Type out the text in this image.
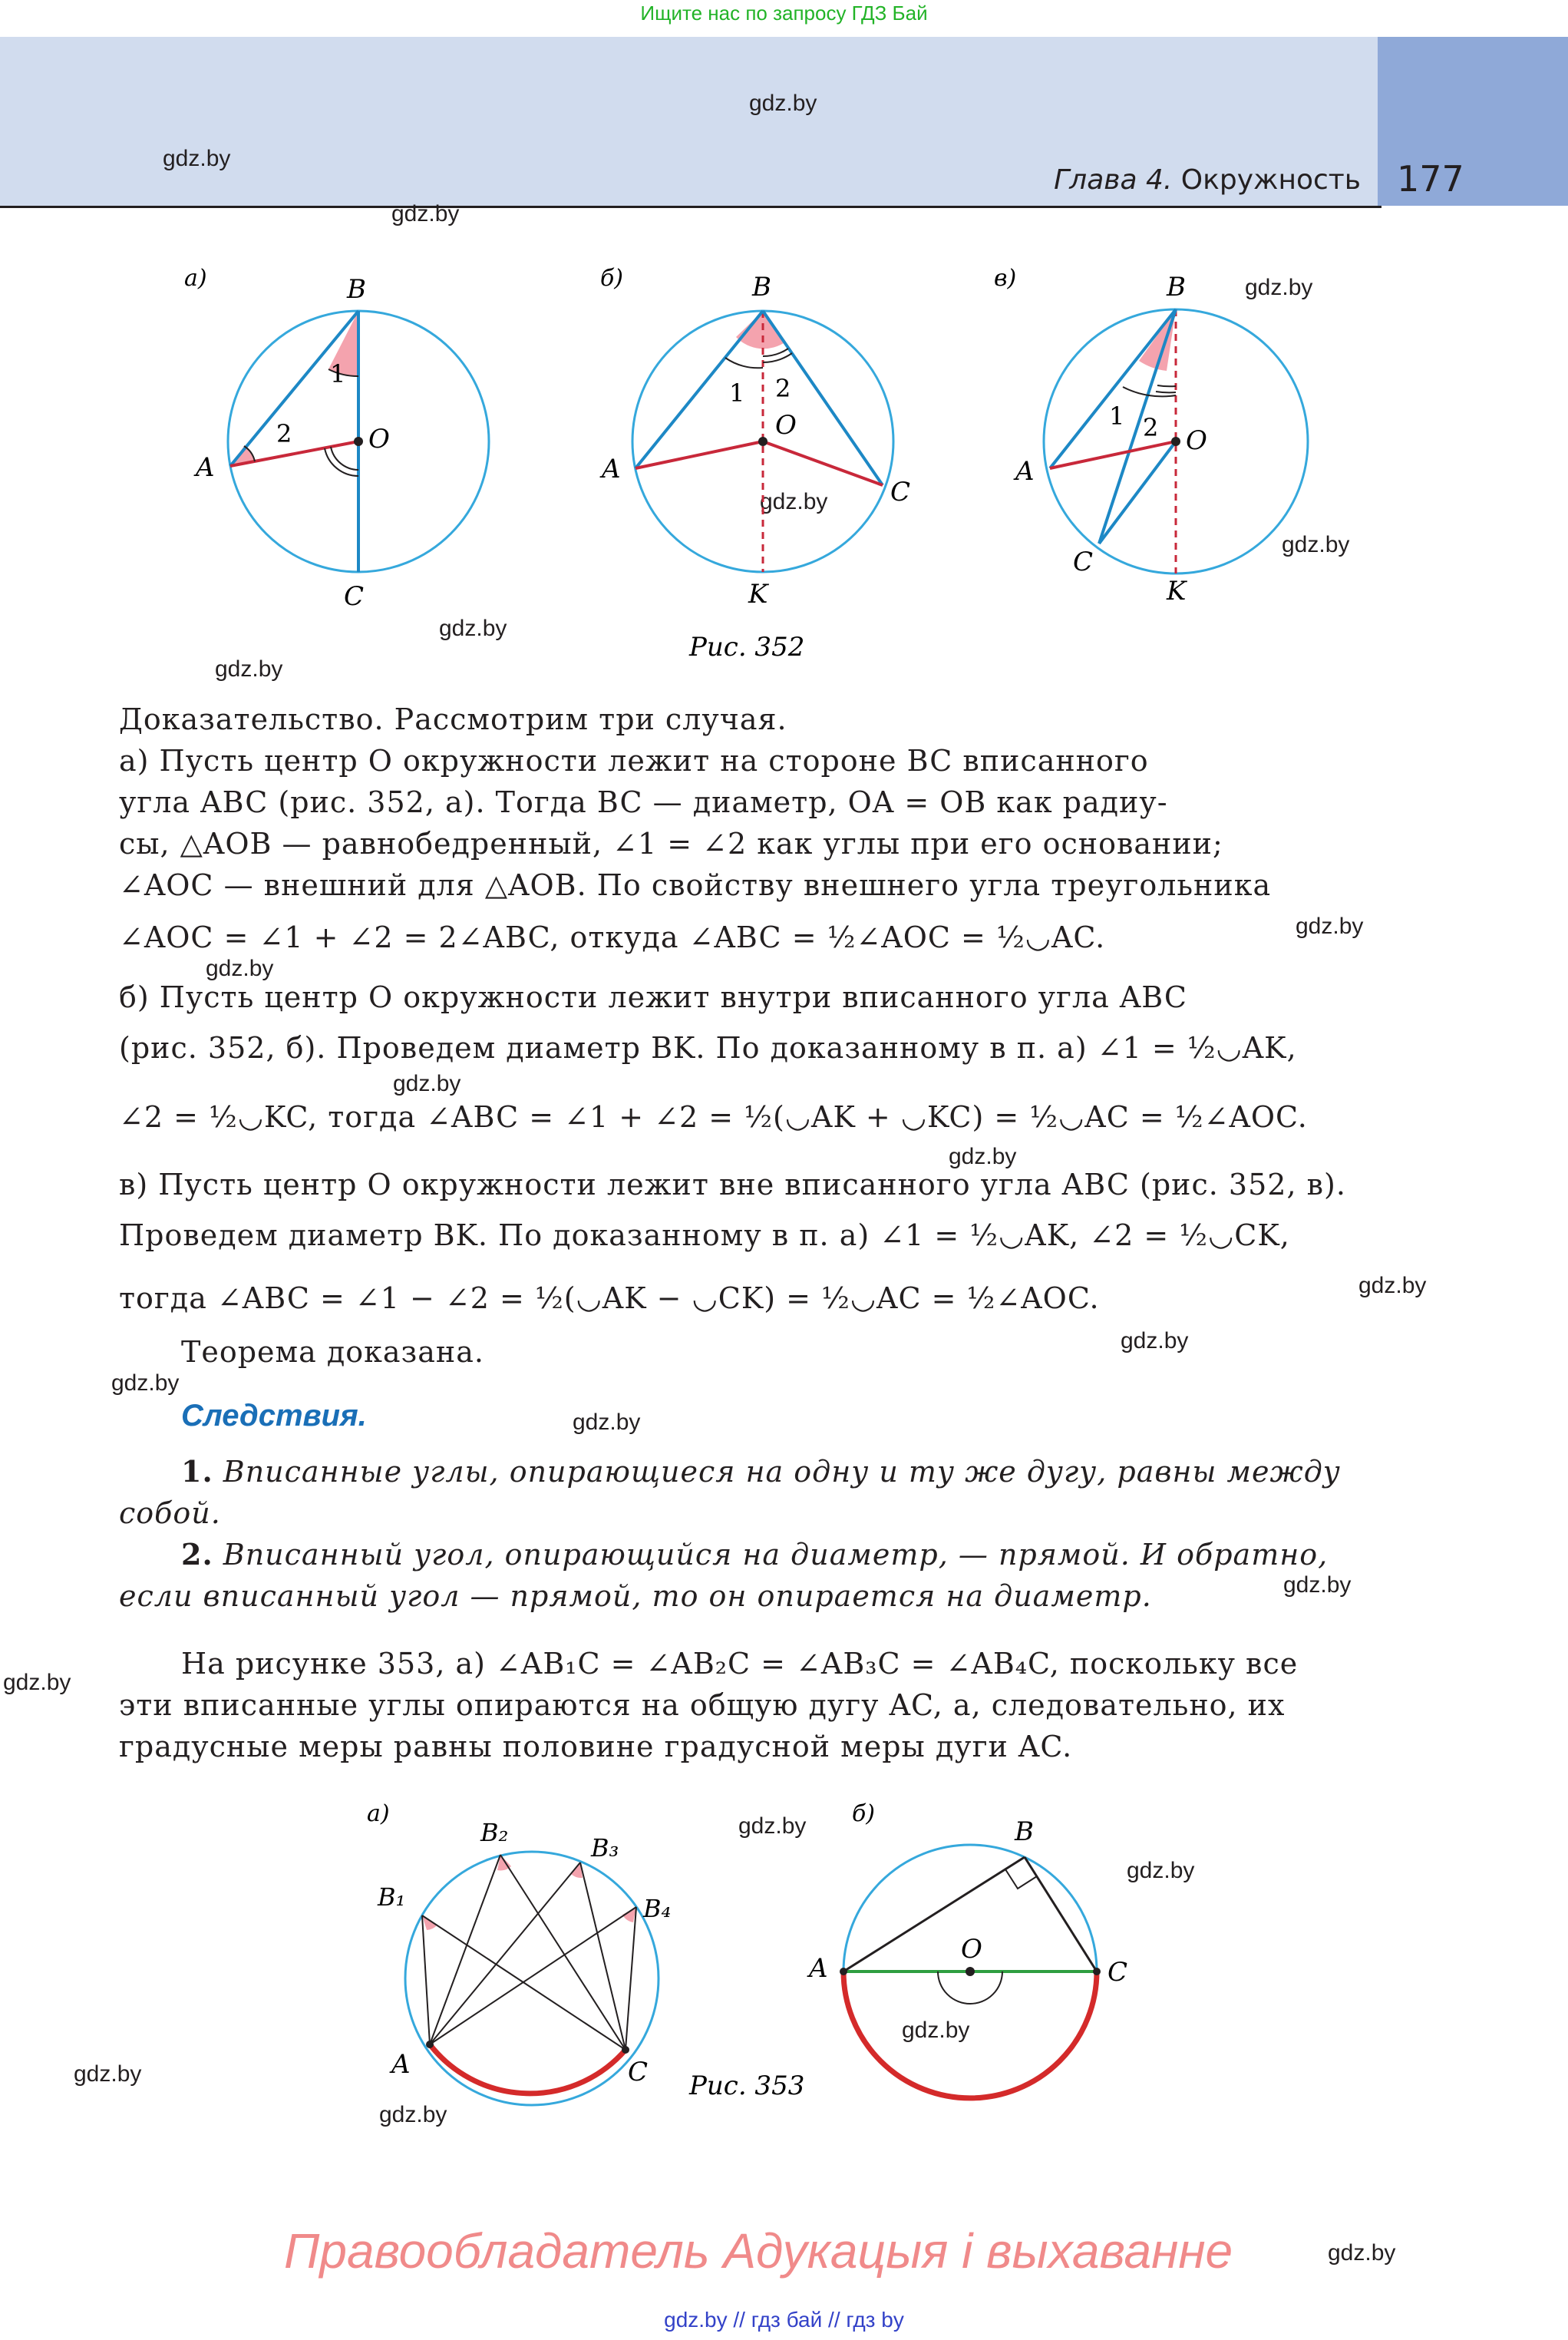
Ищите нас по запросу ГДЗ Бай
Глава 4. Окружность 177
gdz.by
gdz.by
gdz.by
gdz.by
gdz.by
gdz.by
gdz.by
gdz.by
gdz.by
gdz.by
gdz.by
gdz.by
gdz.by
gdz.by
gdz.by
gdz.by
gdz.by
gdz.by
gdz.by
gdz.by
gdz.by
gdz.by
gdz.by
gdz.by
а)	B
A
C
O
1
2
б)	B
A
C
O
K
1 2
Рис. 352
в)	B
A
C
O
K
1 2
Доказательство. Рассмотрим три случая.
а) Пусть центр O окружности лежит на стороне BC вписанного
угла ABC (рис. 352, а). Тогда BC — диаметр, OA = OB как радиу-
сы, △AOB — равнобедренный, ∠1 = ∠2 как углы при его основании;
∠AOC — внешний для △AOB. По свойству внешнего угла треугольника
∠AOC = ∠1 + ∠2 = 2∠ABC, откуда ∠ABC = ½∠AOC = ½◡AC.
б) Пусть центр O окружности лежит внутри вписанного угла ABC
(рис. 352, б). Проведем диаметр BK. По доказанному в п. а) ∠1 = ½◡AK,
∠2 = ½◡KC, тогда ∠ABC = ∠1 + ∠2 = ½(◡AK + ◡KC) = ½◡AC = ½∠AOC.
в) Пусть центр O окружности лежит вне вписанного угла ABC (рис. 352, в).
Проведем диаметр BK. По доказанному в п. а) ∠1 = ½◡AK, ∠2 = ½◡CK,
тогда ∠ABC = ∠1 − ∠2 = ½(◡AK − ◡CK) = ½◡AC = ½∠AOC.
Теорема доказана.
Следствия.
1. Вписанные углы, опирающиеся на одну и ту же дугу, равны между
собой.
2. Вписанный угол, опирающийся на диаметр, — прямой. И обратно,
если вписанный угол — прямой, то он опирается на диаметр.
На рисунке 353, а) ∠AB₁C = ∠AB₂C = ∠AB₃C = ∠AB₄C, поскольку все
эти вписанные углы опираются на общую дугу AC, а, следовательно, их
градусные меры равны половине градусной меры дуги AC.
а)
B₁
B₂
B₃
B₄
A	C Рис. 353
б)
B
A	C
O
Правообладатель Адукацыя і выхаванне
gdz.by // гдз бай // гдз by
